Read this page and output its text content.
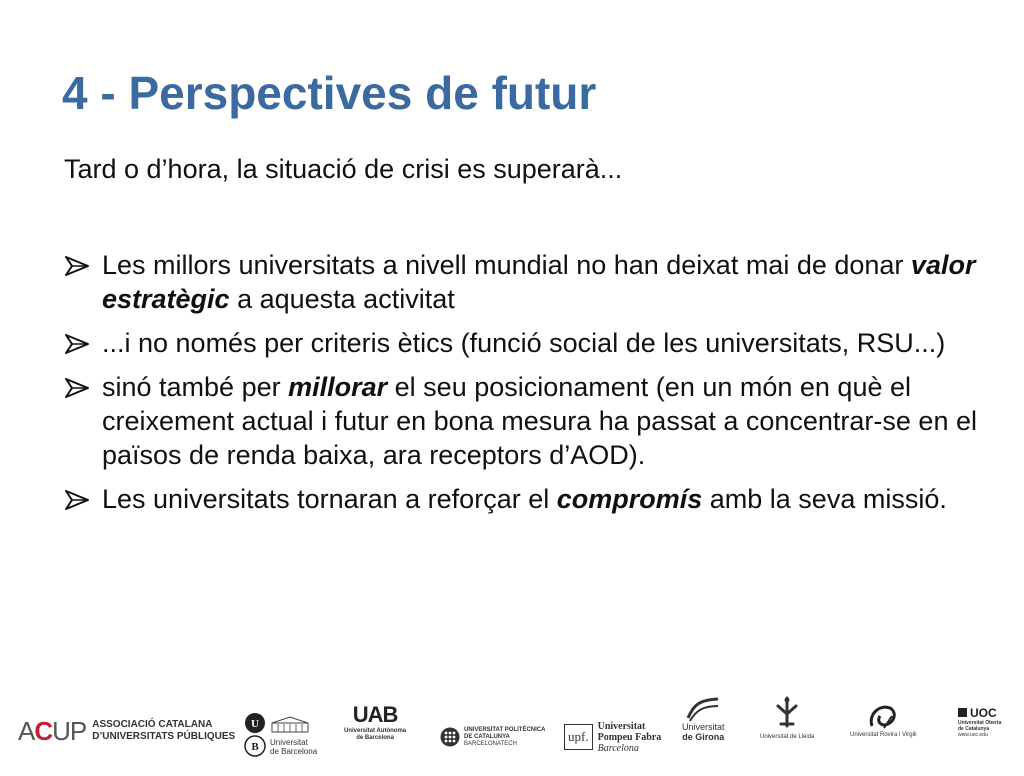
4 - Perspectives de futur
Tard o d’hora, la situació de crisi es superarà...
Les millors universitats a nivell mundial no han deixat mai de donar valor estratègic a aquesta activitat
...i no només per criteris ètics (funció social de les universitats, RSU...)
sinó també per millorar el seu posicionament (en un món en què el creixement actual i futur en bona mesura ha passat a concentrar-se en el països de renda baixa, ara receptors d’AOD).
Les universitats tornaran a reforçar el compromís amb la seva missió.
ACUP ASSOCIACIÓ CATALANA
D’UNIVERSITATS PÚBLIQUES
U
B Universitat
de Barcelona
UAB
Universitat Autònoma
de Barcelona
UNIVERSITAT POLITÈCNICA
DE CATALUNYA
BARCELONATECH	upf.
Universitat
Pompeu Fabra
Barcelona
Universitat
de Girona	Universitat de Lleida	Universitat Rovira i Virgili
UOC
Universitat Oberta
de Catalunya
www.uoc.edu
